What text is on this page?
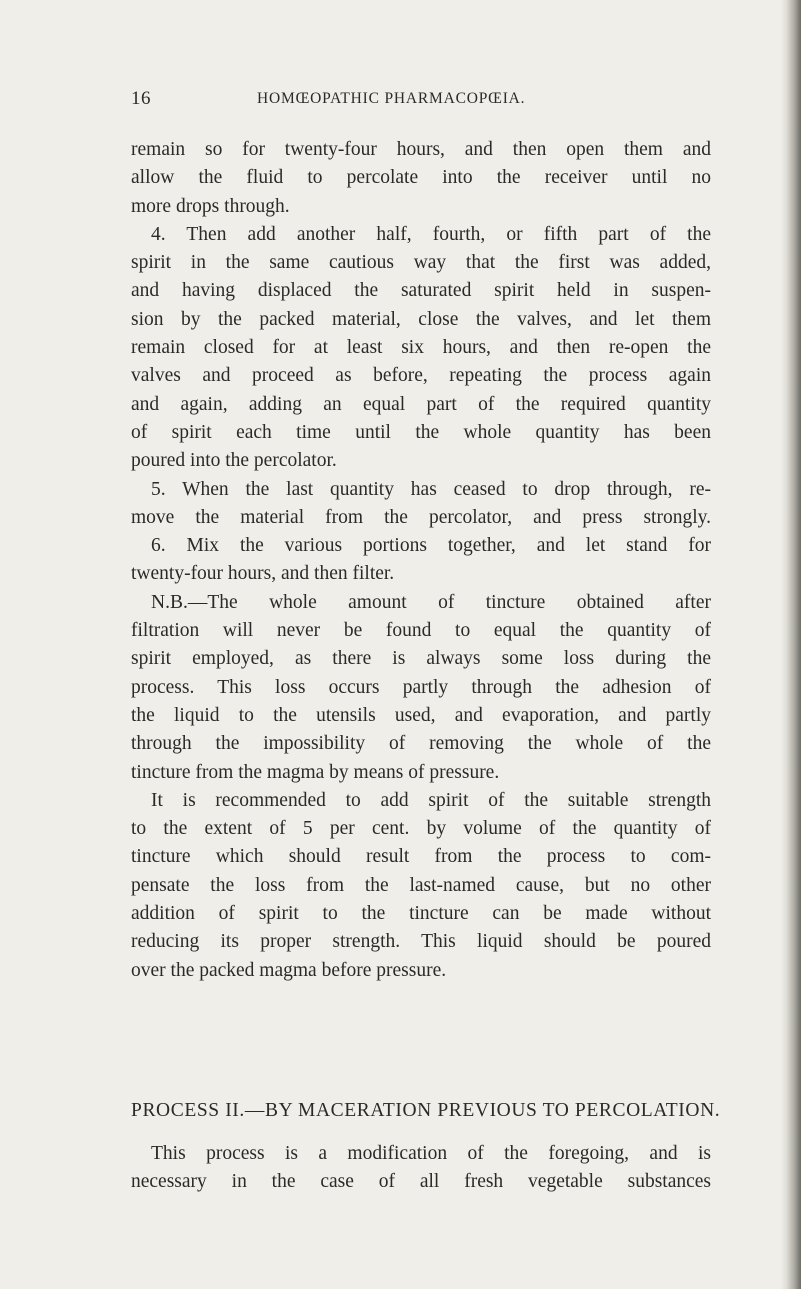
16	HOMŒOPATHIC PHARMACOPŒIA.
remain so for twenty-four hours, and then open them and
allow the fluid to percolate into the receiver until no
more drops through.
4. Then add another half, fourth, or fifth part of the
spirit in the same cautious way that the first was added,
and having displaced the saturated spirit held in suspen-
sion by the packed material, close the valves, and let them
remain closed for at least six hours, and then re-open the
valves and proceed as before, repeating the process again
and again, adding an equal part of the required quantity
of spirit each time until the whole quantity has been
poured into the percolator.
5. When the last quantity has ceased to drop through, re-
move the material from the percolator, and press strongly.
6. Mix the various portions together, and let stand for
twenty-four hours, and then filter.
N.B.—The whole amount of tincture obtained after
filtration will never be found to equal the quantity of
spirit employed, as there is always some loss during the
process. This loss occurs partly through the adhesion of
the liquid to the utensils used, and evaporation, and partly
through the impossibility of removing the whole of the
tincture from the magma by means of pressure.
It is recommended to add spirit of the suitable strength
to the extent of 5 per cent. by volume of the quantity of
tincture which should result from the process to com-
pensate the loss from the last-named cause, but no other
addition of spirit to the tincture can be made without
reducing its proper strength. This liquid should be poured
over the packed magma before pressure.
PROCESS II.—BY MACERATION PREVIOUS TO PERCOLATION.
This process is a modification of the foregoing, and is
necessary in the case of all fresh vegetable substances
